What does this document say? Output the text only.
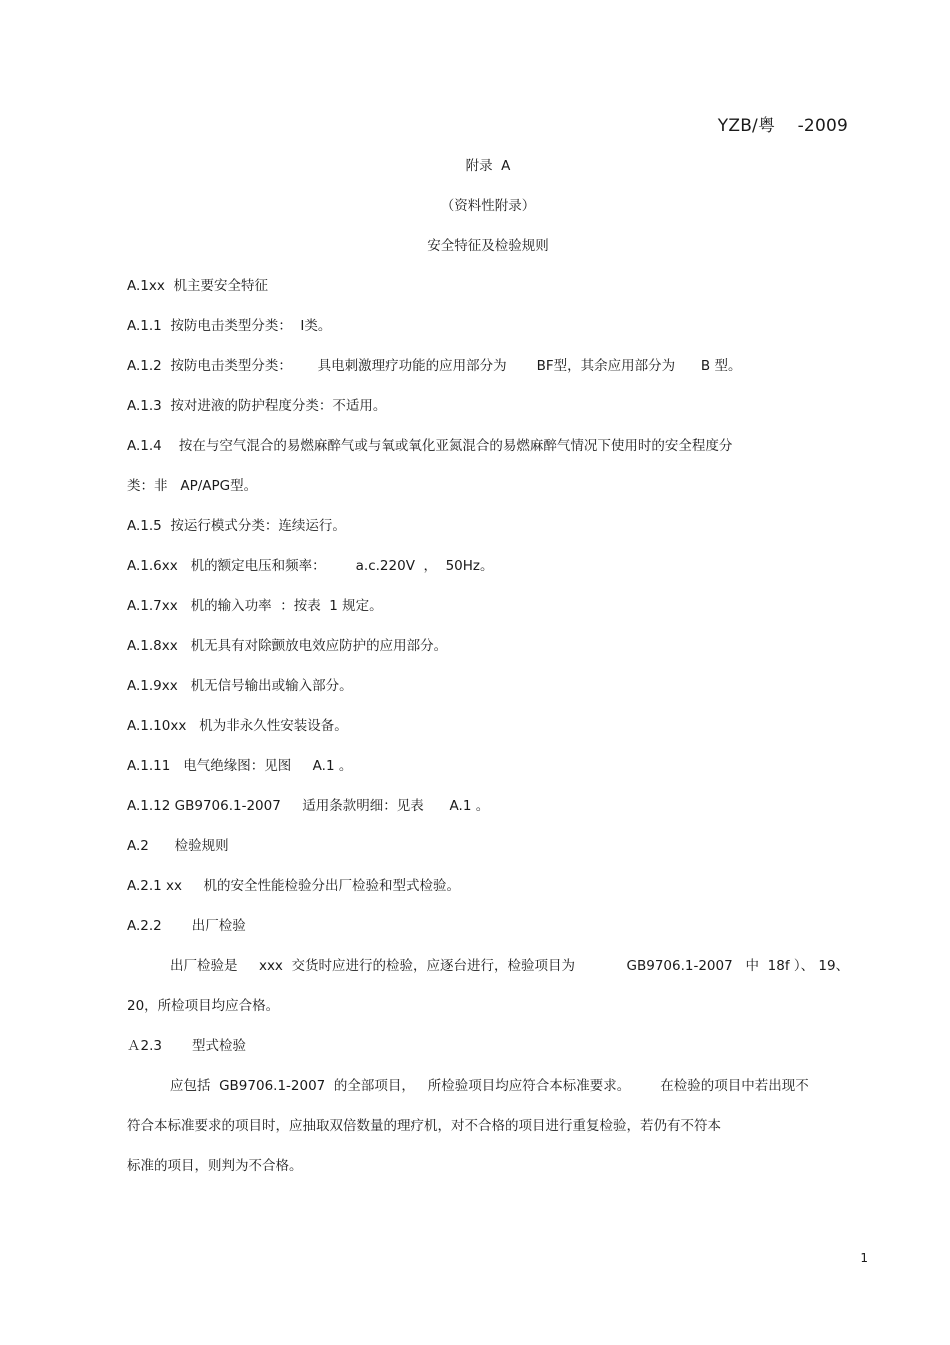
YZB/粤    -2009
附录  A
（资料性附录）
安全特征及检验规则
A.1xx  机主要安全特征
A.1.1  按防电击类型分类：  Ⅰ类。
A.1.2  按防电击类型分类：      具电刺激理疗功能的应用部分为       BF型，其余应用部分为      B 型。
A.1.3  按对进液的防护程度分类：不适用。
A.1.4    按在与空气混合的易燃麻醉气或与氧或氧化亚氮混合的易燃麻醉气情况下使用时的安全程度分
类：非   AP/APG型。
A.1.5  按运行模式分类：连续运行。
A.1.6xx   机的额定电压和频率：       a.c.220V  ，  50Hz。
A.1.7xx   机的输入功率  ：按表  1 规定。
A.1.8xx   机无具有对除颤放电效应防护的应用部分。
A.1.9xx   机无信号输出或输入部分。
A.1.10xx   机为非永久性安装设备。
A.1.11   电气绝缘图：见图     A.1 。
A.1.12 GB9706.1-2007     适用条款明细：见表      A.1 。
A.2      检验规则
A.2.1 xx     机的安全性能检验分出厂检验和型式检验。
A.2.2       出厂检验
出厂检验是     xxx  交货时应进行的检验，应逐台进行，检验项目为            GB9706.1-2007   中  18f ）、 19、
20，所检项目均应合格。
Ａ2.3       型式检验
应包括  GB9706.1-2007  的全部项目，   所检验项目均应符合本标准要求。       在检验的项目中若出现不
符合本标准要求的项目时，应抽取双倍数量的理疗机，对不合格的项目进行重复检验，若仍有不符本
标准的项目，则判为不合格。
1
